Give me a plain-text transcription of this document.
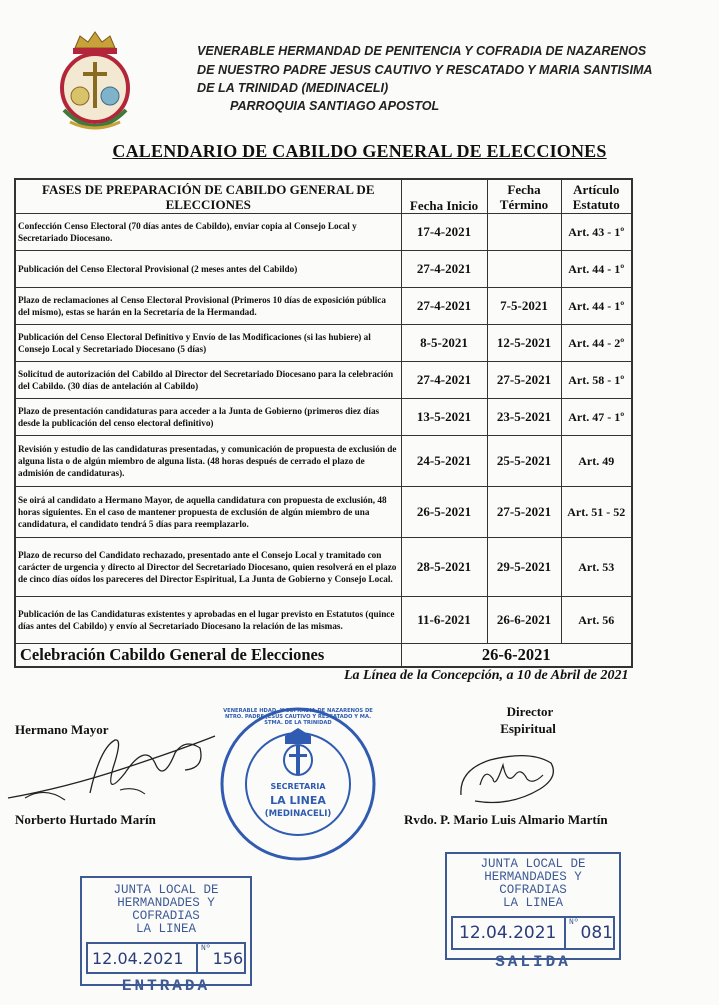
VENERABLE HERMANDAD DE PENITENCIA Y COFRADIA DE NAZARENOS
DE NUESTRO PADRE JESUS CAUTIVO Y RESCATADO Y MARIA SANTISIMA
DE LA TRINIDAD (MEDINACELI)
PARROQUIA SANTIAGO APOSTOL
CALENDARIO DE CABILDO GENERAL DE ELECCIONES
FASES DE PREPARACIÓN DE CABILDO GENERAL DE ELECCIONES	Fecha Inicio	Fecha Término	Artículo Estatuto
Confección Censo Electoral (70 días antes de Cabildo), enviar copia al Consejo Local y Secretariado Diocesano.	17-4-2021		Art. 43 - 1º
Publicación del Censo Electoral Provisional (2 meses antes del Cabildo)	27-4-2021		Art. 44 - 1º
Plazo de reclamaciones al Censo Electoral Provisional (Primeros 10 días de exposición pública del mismo), estas se harán en la Secretaría de la Hermandad.	27-4-2021	7-5-2021	Art. 44 - 1º
Publicación del Censo Electoral Definitivo y Envío de las Modificaciones (si las hubiere) al Consejo Local y Secretariado Diocesano (5 días)	8-5-2021	12-5-2021	Art. 44 - 2º
Solicitud de autorización del Cabildo al Director del Secretariado Diocesano para la celebración del Cabildo. (30 días de antelación al Cabildo)	27-4-2021	27-5-2021	Art. 58 - 1º
Plazo de presentación candidaturas para acceder a la Junta de Gobierno (primeros diez días desde la publicación del censo electoral definitivo)	13-5-2021	23-5-2021	Art. 47 - 1º
Revisión y estudio de las candidaturas presentadas, y comunicación de propuesta de exclusión de alguna lista o de algún miembro de alguna lista. (48 horas después de cerrado el plazo de admisión de candidaturas).	24-5-2021	25-5-2021	Art. 49
Se oirá al candidato a Hermano Mayor, de aquella candidatura con propuesta de exclusión, 48 horas siguientes. En el caso de mantener propuesta de exclusión de algún miembro de una candidatura, el candidato tendrá 5 días para reemplazarlo.	26-5-2021	27-5-2021	Art. 51 - 52
Plazo de recurso del Candidato rechazado, presentado ante el Consejo Local y tramitado con carácter de urgencia y directo al Director del Secretariado Diocesano, quien resolverá en el plazo de cinco días oídos los pareceres del Director Espiritual, La Junta de Gobierno y Consejo Local.	28-5-2021	29-5-2021	Art. 53
Publicación de las Candidaturas existentes y aprobadas en el lugar previsto en Estatutos (quince días antes del Cabildo) y envío al Secretariado Diocesano la relación de las mismas.	11-6-2021	26-6-2021	Art. 56
Celebración Cabildo General de Elecciones	26-6-2021		
La Línea de la Concepción, a 10 de Abril de 2021
Hermano Mayor
Norberto Hurtado Marín
VENERABLE HDAD. Y COFRADIA DE NAZARENOS DE NTRO. PADRE JESUS CAUTIVO Y RESCATADO Y MA. STMA. DE LA TRINIDAD
SECRETARIA
LA LINEA
(MEDINACELI)
Director
Espiritual
Rvdo. P. Mario Luis Almario Martín
JUNTA LOCAL DE
HERMANDADES Y COFRADIAS
LA LINEA
12.04.2021
Nº
081
SALIDA
JUNTA LOCAL DE
HERMANDADES Y COFRADIAS
LA LINEA
12.04.2021	Nº 156
ENTRADA
